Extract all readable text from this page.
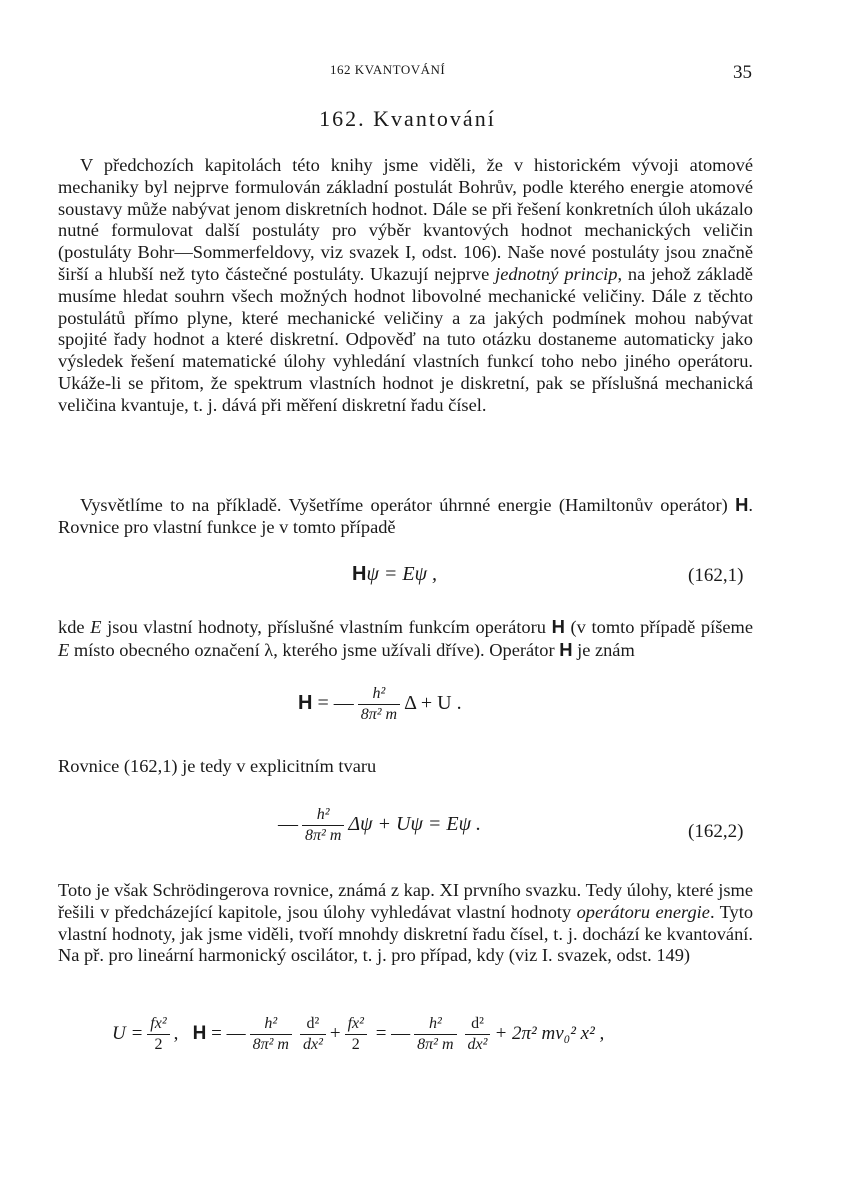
162 KVANTOVÁNÍ	35
162. Kvantování

V předchozích kapitolách této knihy jsme viděli, že v historickém vývoji atomové mechaniky byl nejprve formulován základní postulát Bohrův, podle kterého energie atomové soustavy může nabývat jenom diskretních hodnot. Dále se při řešení konkretních úloh ukázalo nutné formulovat další postuláty pro výběr kvantových hodnot mechanických veličin (postuláty Bohr—Sommerfeldovy, viz svazek I, odst. 106). Naše nové postuláty jsou značně širší a hlubší než tyto částečné postuláty. Ukazují nejprve jednotný princip, na jehož základě musíme hledat souhrn všech možných hodnot libovolné mechanické veličiny. Dále z těchto postulátů přímo plyne, které mechanické veličiny a za jakých podmínek mohou nabývat spojité řady hodnot a které diskretní. Odpověď na tuto otázku dostaneme automaticky jako výsledek řešení matematické úlohy vyhledání vlastních funkcí toho nebo jiného operátoru. Ukáže-li se přitom, že spektrum vlastních hodnot je diskretní, pak se příslušná mechanická veličina kvantuje, t. j. dává při měření diskretní řadu čísel.

Vysvětlíme to na příkladě. Vyšetříme operátor úhrnné energie (Hamiltonův operátor) H. Rovnice pro vlastní funkce je v tomto případě

Hψ = Eψ ,	(162,1)

kde E jsou vlastní hodnoty, příslušné vlastním funkcím operátoru H (v tomto případě píšeme E místo obecného označení λ, kterého jsme užívali dříve). Operátor H je znám

H = — $\frac{\text{h²}}{\text{8π² m}}$ Δ + U .

Rovnice (162,1) je tedy v explicitním tvaru

— $\frac{\text{h²}}{\text{8π² m}}$ Δψ + Uψ = Eψ .	(162,2)

Toto je však Schrödingerova rovnice, známá z kap. XI prvního svazku. Tedy úlohy, které jsme řešili v předcházející kapitole, jsou úlohy vyhledávat vlastní hodnoty operátoru energie. Tyto vlastní hodnoty, jak jsme viděli, tvoří mnohdy diskretní řadu čísel, t. j. dochází ke kvantování. Na př. pro lineární harmonický oscilátor, t. j. pro případ, kdy (viz I. svazek, odst. 149)

$U = \frac{\text{fx²}}{2}$ , H = — $\frac{\text{h²}}{\text{8π² m}} \frac{\text{d²}}{\text{dx²}} + \frac{\text{fx²}}{2}$ = — $\frac{\text{h²}}{\text{8π² m}} \frac{\text{d²}}{\text{dx²}} + 2\pi^2$ mν₀² x² ,
